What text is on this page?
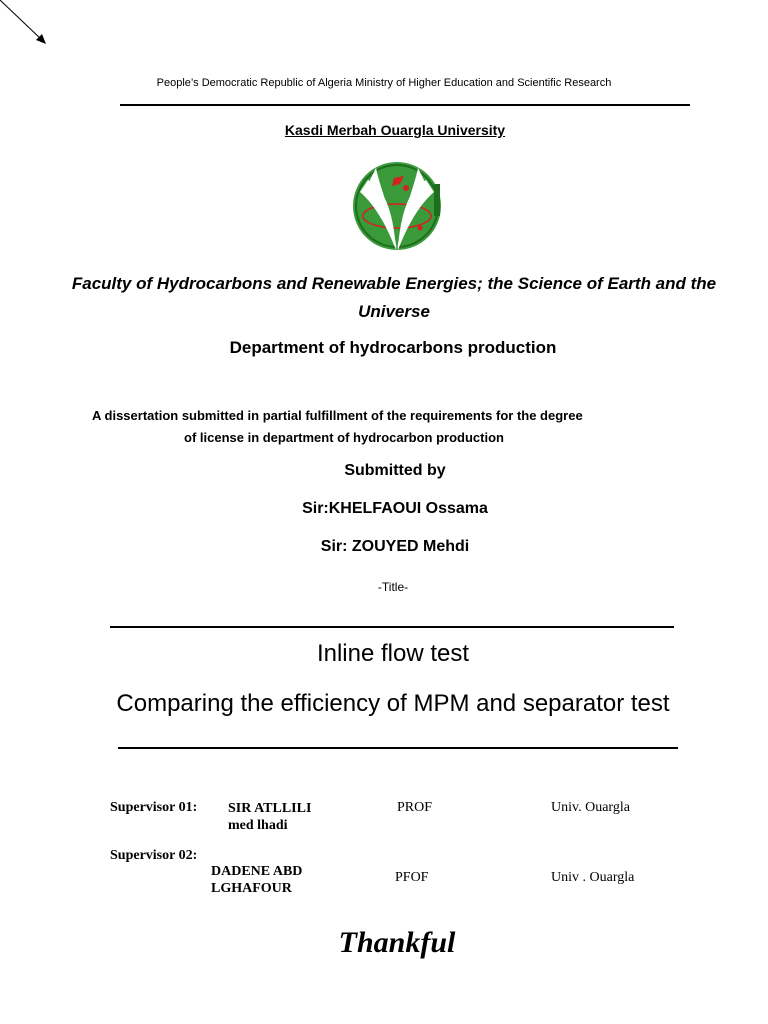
People’s Democratic Republic of Algeria Ministry of Higher Education and Scientific Research
Kasdi Merbah Ouargla University
Faculty of Hydrocarbons and Renewable Energies; the Science of Earth and the Universe
Department of hydrocarbons production
A dissertation submitted in partial fulfillment of the requirements for the degree
of license in department of hydrocarbon production
Submitted by
Sir:KHELFAOUI Ossama
Sir: ZOUYED Mehdi
-Title-
Inline flow test
Comparing the efficiency of MPM and separator test
Supervisor 01: SIR ATLLILI
med lhadi
PROF	Univ. Ouargla
Supervisor 02:
DADENE ABD
LGHAFOUR
PFOF	Univ . Ouargla
Thankful
